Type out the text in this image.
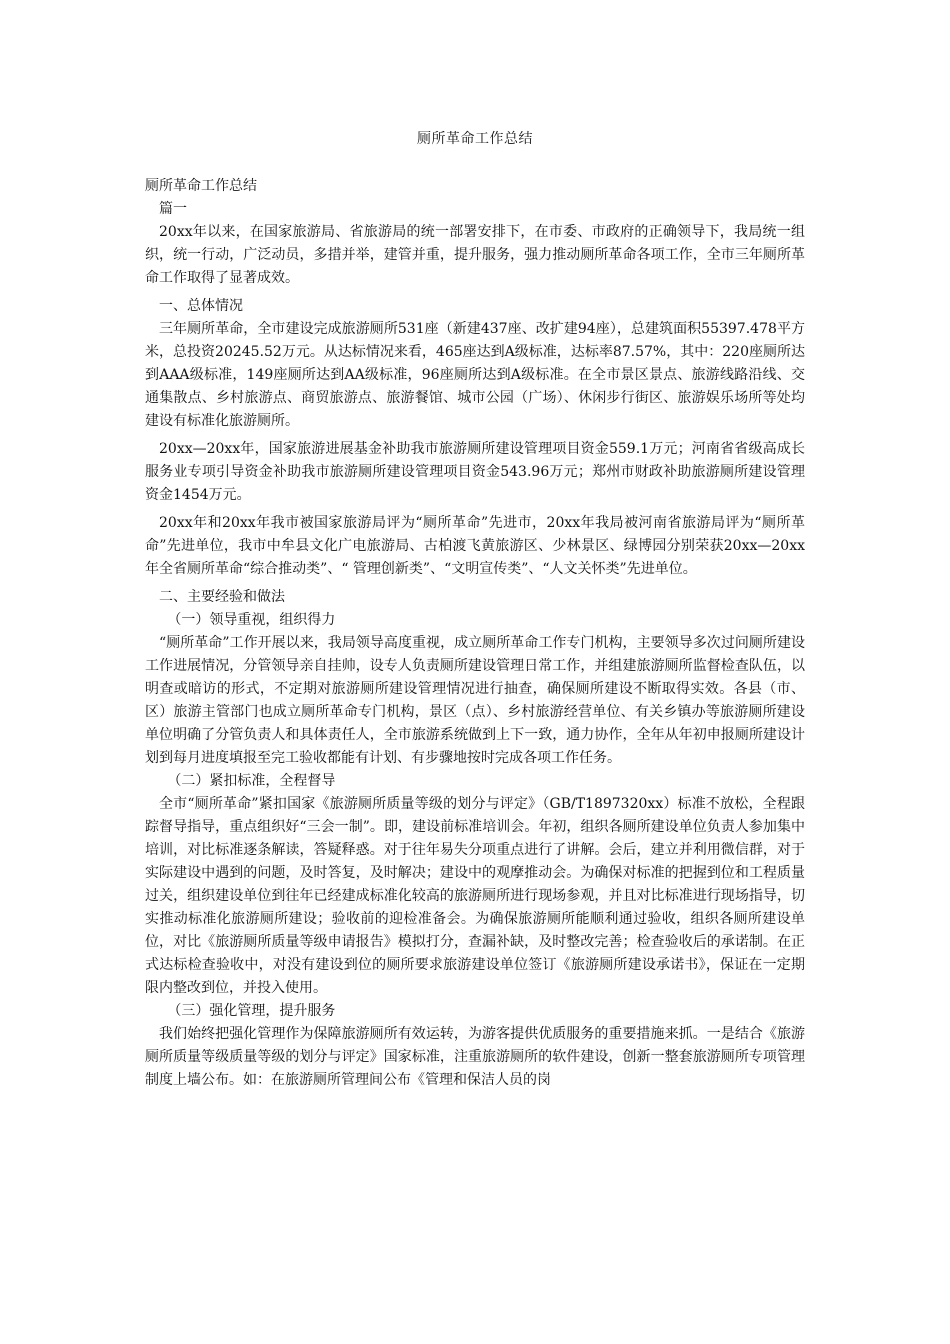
厕所革命工作总结

厕所革命工作总结

篇一

20xx年以来，在国家旅游局、省旅游局的统一部署安排下，在市委、市政府的正确领导下，我局统一组织，统一行动，广泛动员，多措并举，建管并重，提升服务，强力推动厕所革命各项工作，全市三年厕所革命工作取得了显著成效。

一、总体情况

三年厕所革命，全市建设完成旅游厕所531座（新建437座、改扩建94座），总建筑面积55397.478平方米，总投资20245.52万元。从达标情况来看，465座达到A级标准，达标率87.57%，其中：220座厕所达到AAA级标准，149座厕所达到AA级标准，96座厕所达到A级标准。在全市景区景点、旅游线路沿线、交通集散点、乡村旅游点、商贸旅游点、旅游餐馆、城市公园（广场）、休闲步行街区、旅游娱乐场所等处均建设有标准化旅游厕所。

20xx—20xx年，国家旅游进展基金补助我市旅游厕所建设管理项目资金559.1万元；河南省省级高成长服务业专项引导资金补助我市旅游厕所建设管理项目资金543.96万元；郑州市财政补助旅游厕所建设管理资金1454万元。

20xx年和20xx年我市被国家旅游局评为“厕所革命”先进市，20xx年我局被河南省旅游局评为“厕所革命”先进单位，我市中牟县文化广电旅游局、古柏渡飞黄旅游区、少林景区、绿博园分别荣获20xx—20xx年全省厕所革命“综合推动类”、“ 管理创新类”、“文明宣传类”、“人文关怀类”先进单位。

二、主要经验和做法

（一）领导重视，组织得力

“厕所革命”工作开展以来，我局领导高度重视，成立厕所革命工作专门机构，主要领导多次过问厕所建设工作进展情况，分管领导亲自挂帅，设专人负责厕所建设管理日常工作，并组建旅游厕所监督检查队伍，以明查或暗访的形式，不定期对旅游厕所建设管理情况进行抽查，确保厕所建设不断取得实效。各县（市、区）旅游主管部门也成立厕所革命专门机构，景区（点）、乡村旅游经营单位、有关乡镇办等旅游厕所建设单位明确了分管负责人和具体责任人，全市旅游系统做到上下一致，通力协作，全年从年初申报厕所建设计划到每月进度填报至完工验收都能有计划、有步骤地按时完成各项工作任务。

（二）紧扣标准，全程督导

全市“厕所革命”紧扣国家《旅游厕所质量等级的划分与评定》（GB/T1897320xx）标准不放松，全程跟踪督导指导，重点组织好“三会一制”。即，建设前标准培训会。年初，组织各厕所建设单位负责人参加集中培训，对比标准逐条解读，答疑释惑。对于往年易失分项重点进行了讲解。会后，建立并利用微信群，对于实际建设中遇到的问题，及时答复，及时解决；建设中的观摩推动会。为确保对标准的把握到位和工程质量过关，组织建设单位到往年已经建成标准化较高的旅游厕所进行现场参观，并且对比标准进行现场指导，切实推动标准化旅游厕所建设；验收前的迎检准备会。为确保旅游厕所能顺利通过验收，组织各厕所建设单位，对比《旅游厕所质量等级申请报告》模拟打分，查漏补缺，及时整改完善；检查验收后的承诺制。在正式达标检查验收中，对没有建设到位的厕所要求旅游建设单位签订《旅游厕所建设承诺书》，保证在一定期限内整改到位，并投入使用。

（三）强化管理，提升服务

我们始终把强化管理作为保障旅游厕所有效运转，为游客提供优质服务的重要措施来抓。一是结合《旅游厕所质量等级质量等级的划分与评定》国家标准，注重旅游厕所的软件建设，创新一整套旅游厕所专项管理制度上墙公布。如：在旅游厕所管理间公布《管理和保洁人员的岗
